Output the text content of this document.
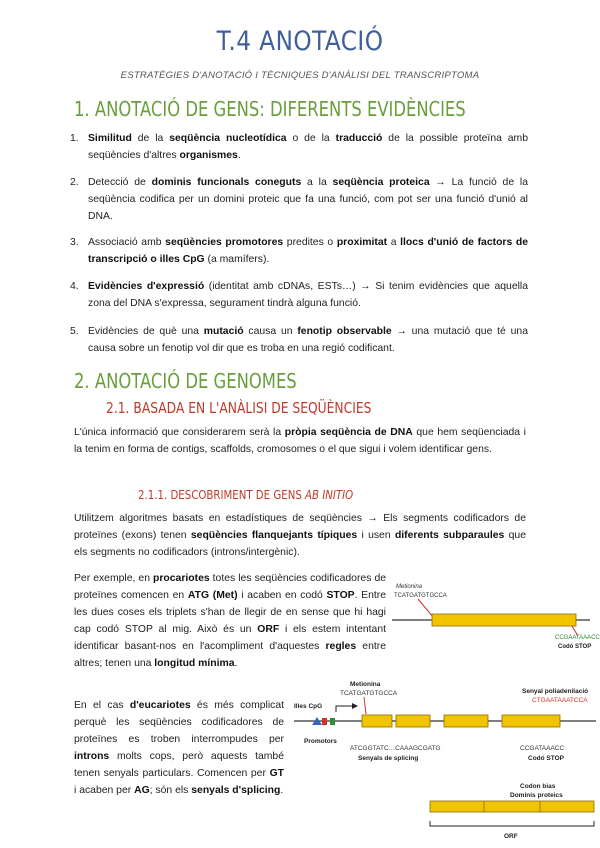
T.4 ANOTACIÓ
ESTRATÈGIES D'ANOTACIÓ I TÈCNIQUES D'ANÀLISI DEL TRANSCRIPTOMA
1. ANOTACIÓ DE GENS: DIFERENTS EVIDÈNCIES
1. Similitud de la seqüència nucleotídica o de la traducció de la possible proteïna amb seqüències d'altres organismes.
2. Detecció de dominis funcionals coneguts a la seqüència proteica → La funció de la seqüència codifica per un domini proteic que fa una funció, com pot ser una funció d'unió al DNA.
3. Associació amb seqüències promotores predites o proximitat a llocs d'unió de factors de transcripció o illes CpG (a mamífers).
4. Evidències d'expressió (identitat amb cDNAs, ESTs…) → Si tenim evidències que aquella zona del DNA s'expressa, segurament tindrà alguna funció.
5. Evidències de què una mutació causa un fenotip observable → una mutació que té una causa sobre un fenotip vol dir que es troba en una regió codificant.
2. ANOTACIÓ DE GENOMES
2.1. BASADA EN L'ANÀLISI DE SEQÜÈNCIES
L'única informació que considerarem serà la pròpia seqüència de DNA que hem seqüenciada i la tenim en forma de contigs, scaffolds, cromosomes o el que sigui i volem identificar gens.
2.1.1. DESCOBRIMENT DE GENS AB INITIO
Utilitzem algoritmes basats en estadístiques de seqüències → Els segments codificadors de proteïnes (exons) tenen seqüències flanquejants típiques i usen diferents subparaules que els segments no codificadors (introns/intergènic).
Per exemple, en procariotes totes les seqüències codificadores de proteïnes comencen en ATG (Met) i acaben en codó STOP. Entre les dues coses els triplets s'han de llegir de en sense que hi hagi cap codó STOP al mig. Això és un ORF i els estem intentant identificar basant-nos en l'acompliment d'aquestes regles entre altres; tenen una longitud mínima.
En el cas d'eucariotes és més complicat perquè les seqüències codificadores de proteïnes es troben interrompudes per introns molts cops, però aquests també tenen senyals particulars. Comencen per GT i acaben per AG; són els senyals d'splicing.
Metionina
TCATGATGTGCCA
CCGAATAAACC
Codó STOP
Illes CpG
Promotors
Metionina
TCATGATGTGCCA	Senyal poliadenilació
CTGAATAAATCCA
ATCGGTATC…CAAAGCGATG
Senyals de splicing
CCGATAAACC
Codó STOP
Codon bias
Dominis proteics
ORF
